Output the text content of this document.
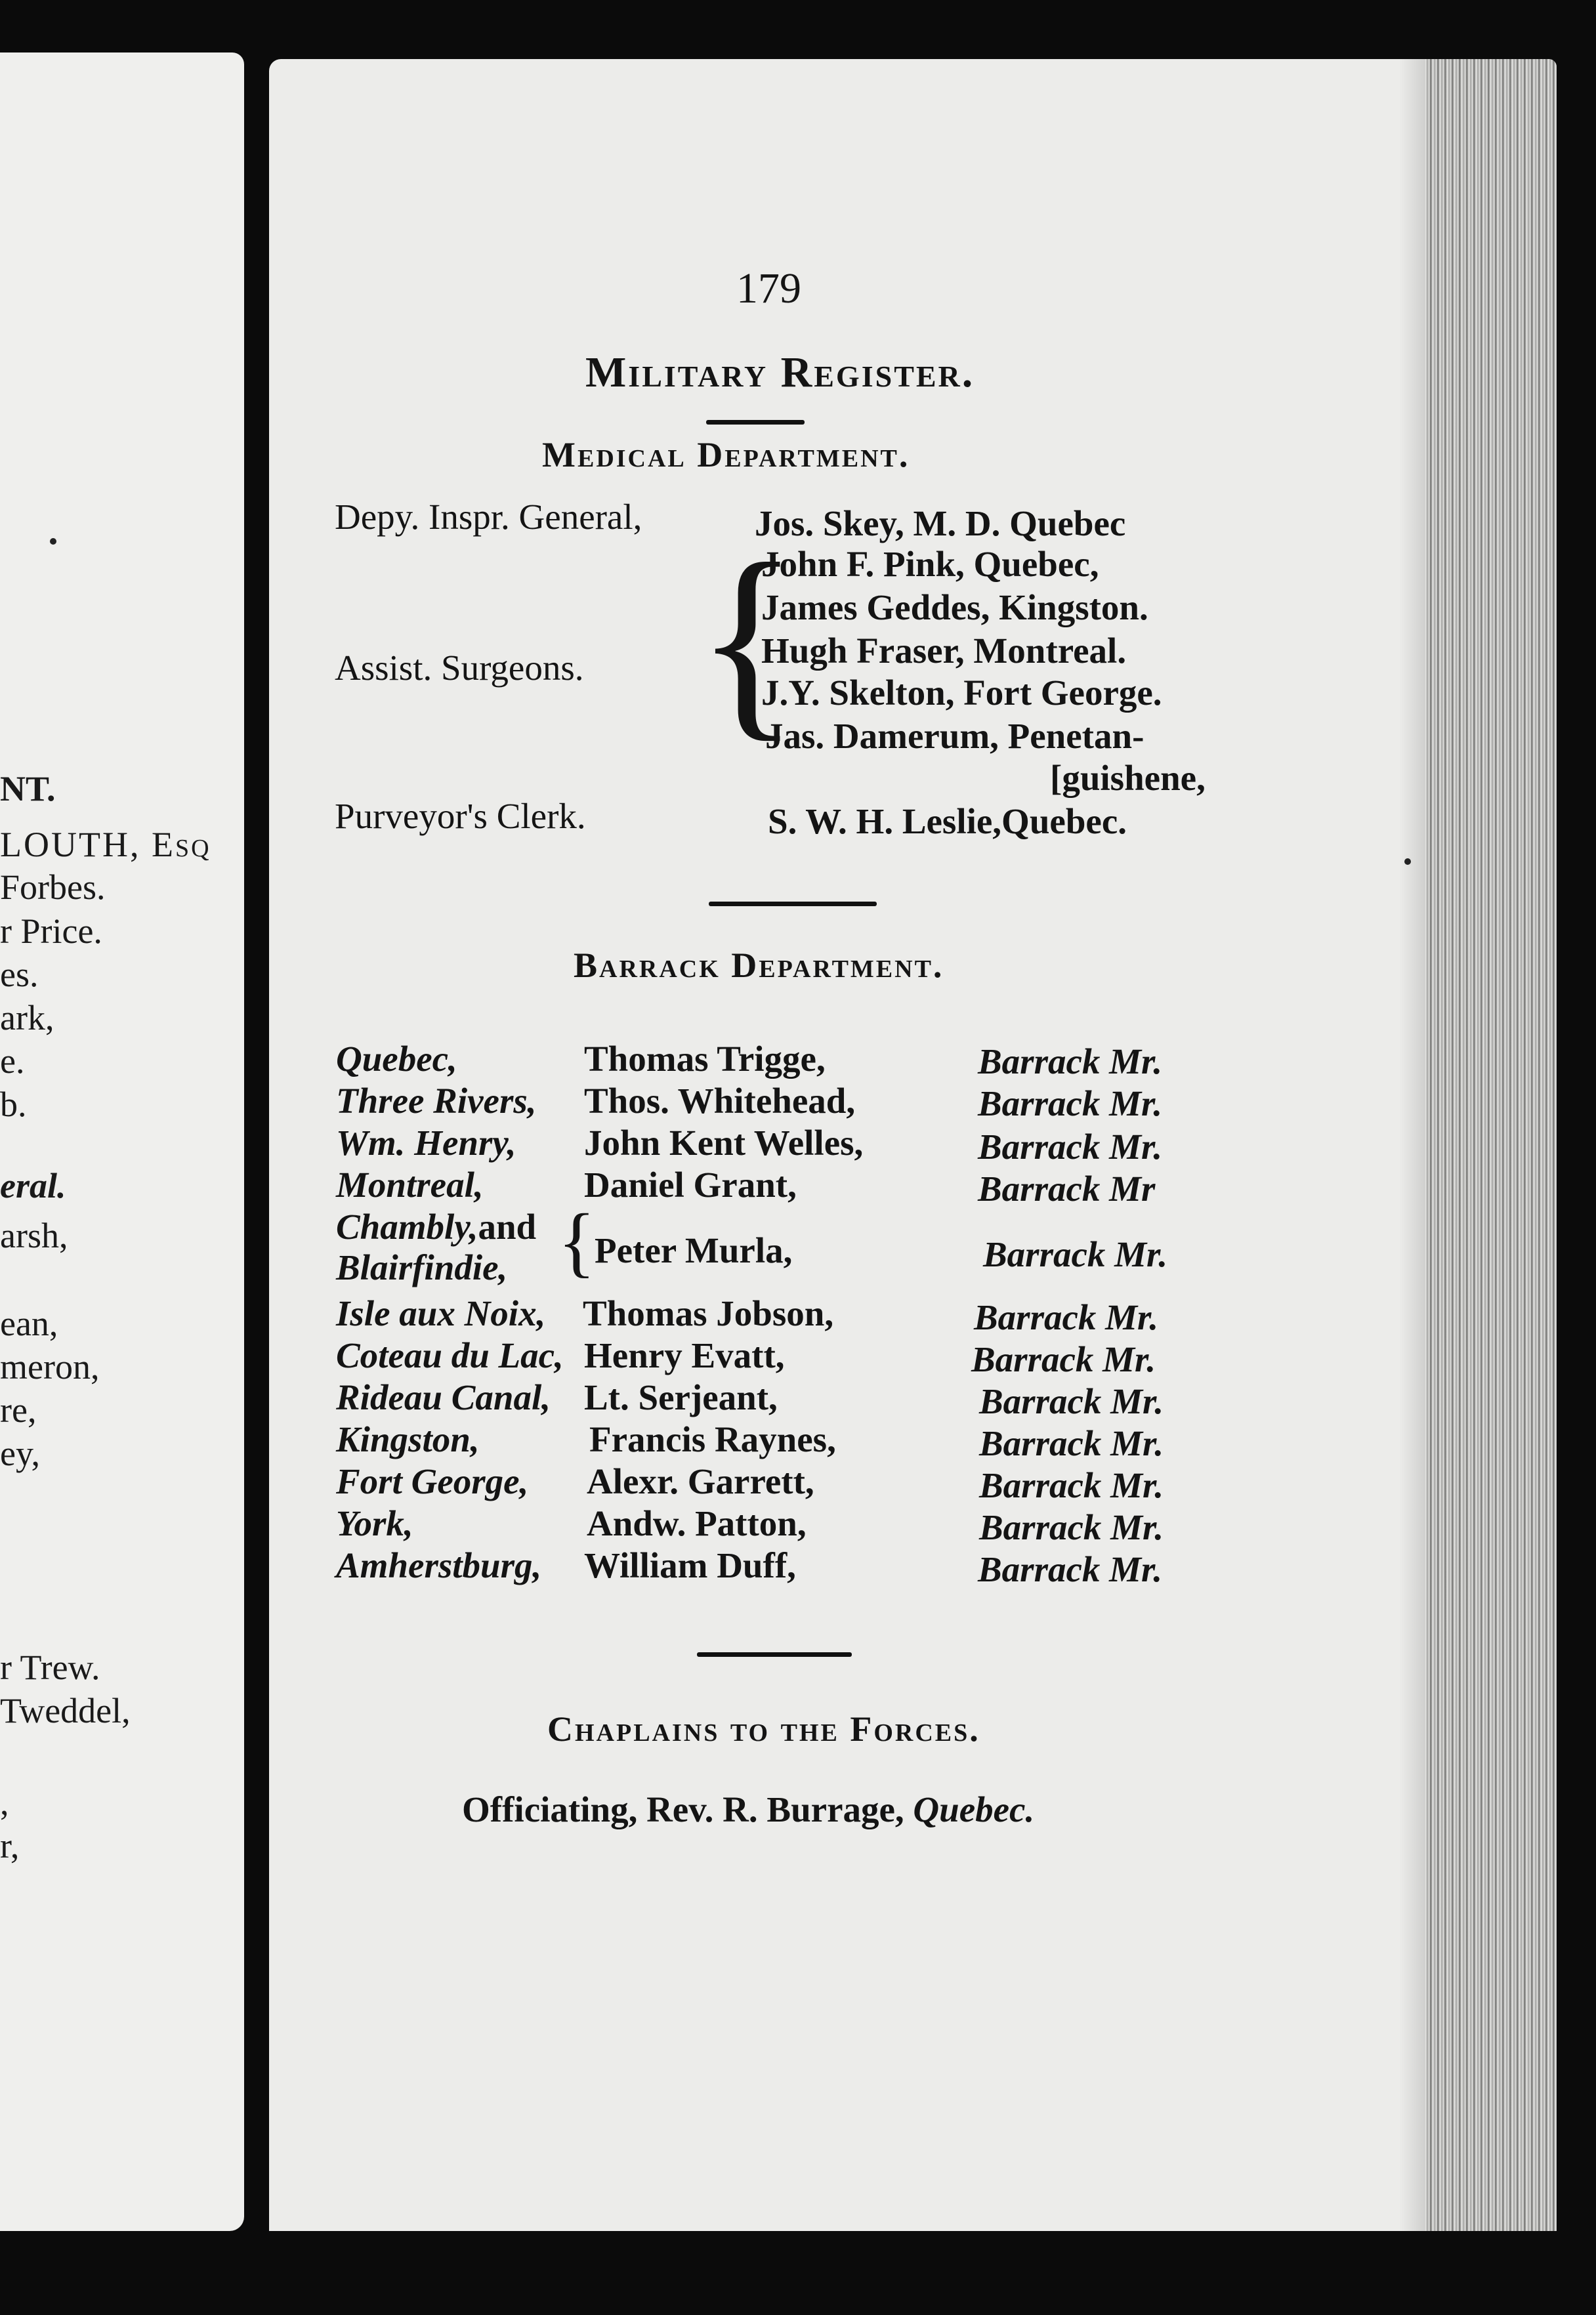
NT.
LOUTH, Esq
Forbes.
r Price.
es.
ark,
e.
b.
eral.
arsh,
ean,
meron,
re,
ey,
r Trew.
Tweddel,
,
r,
179
Military Register.
Medical Department.
Depy. Inspr. General,	Jos. Skey, M. D. Quebec
Assist. Surgeons. {
John F. Pink, Quebec,
James Geddes, Kingston.
Hugh Fraser, Montreal.
J.Y. Skelton, Fort George.
Jas. Damerum, Penetan-
[guishene,
Purveyor's Clerk.	S. W. H. Leslie,Quebec.
Barrack Department.
Quebec,	Thomas Trigge,	Barrack Mr.
Three Rivers, Thos. Whitehead,	Barrack Mr.
Wm. Henry, John Kent Welles,	Barrack Mr.
Montreal,	Daniel Grant,	Barrack Mr
Chambly,and
Blairfindie, {
Peter Murla,	Barrack Mr.
Isle aux Noix, Thomas Jobson,	Barrack Mr.
Coteau du Lac, Henry Evatt,	Barrack Mr.
Rideau Canal, Lt. Serjeant,	Barrack Mr.
Kingston,	Francis Raynes,	Barrack Mr.
Fort George, Alexr. Garrett,	Barrack Mr.
York,	Andw. Patton,	Barrack Mr.
Amherstburg, William Duff,	Barrack Mr.
Chaplains to the Forces.
Officiating, Rev. R. Burrage, Quebec.
